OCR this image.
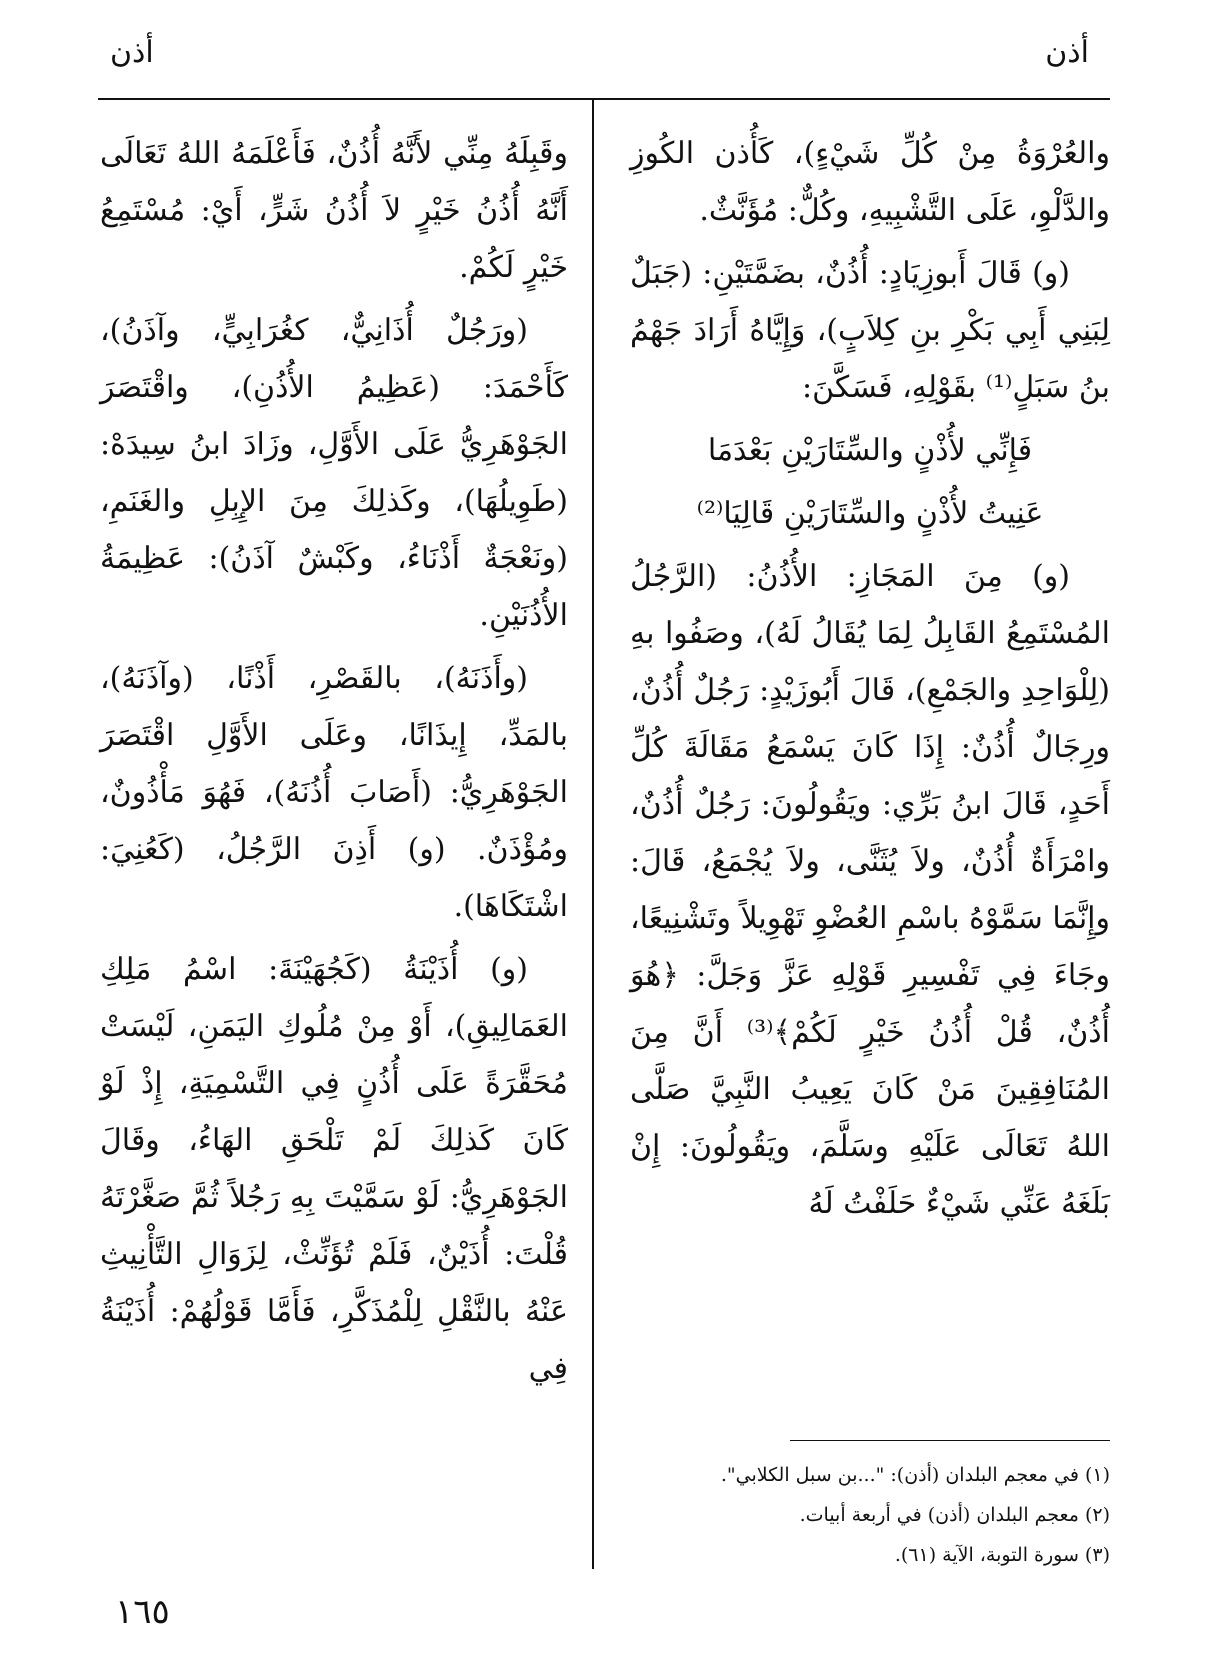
أذن	أذن

والعُرْوَةُ مِنْ كُلِّ شَيْءٍ)، كَأُذن الكُوزِ والدَّلْوِ، عَلَى التَّشْبِيهِ، وكُلٌّ: مُؤَنَّثٌ.

(و) قَالَ أَبوزِيَادٍ: أُذُنٌ، بضَمَّتَيْنِ: (جَبَلٌ لِبَنِي أَبِي بَكْرِ بنِ كِلاَبٍ)، وَإِيَّاهُ أَرَادَ جَهْمُ بنُ سَبَلٍ⁽¹⁾ بقَوْلِهِ، فَسَكَّنَ:

فَإِنِّي لأُذْنٍ والسِّتَارَيْنِ بَعْدَمَا

عَنِيتُ لأُذْنٍ والسِّتَارَيْنِ قَالِيَا⁽²⁾

(و) مِنَ المَجَازِ: الأُذُنُ: (الرَّجُلُ المُسْتَمِعُ القَابِلُ لِمَا يُقَالُ لَهُ)، وصَفُوا بهِ (لِلْوَاحِدِ والجَمْعِ)، قَالَ أَبُوزَيْدٍ: رَجُلٌ أُذُنٌ، ورِجَالٌ أُذُنٌ: إِذَا كَانَ يَسْمَعُ مَقَالَةَ كُلِّ أَحَدٍ، قَالَ ابنُ بَرِّي: ويَقُولُونَ: رَجُلٌ أُذُنٌ، وامْرَأَةٌ أُذُنٌ، ولاَ يُثَنَّى، ولاَ يُجْمَعُ، قَالَ: وإِنَّمَا سَمَّوْهُ باسْمِ العُضْوِ تَهْوِيلاً وتَشْنِيعًا، وجَاءَ فِي تَفْسِيرِ قَوْلِهِ عَزَّ وَجَلَّ: ﴿هُوَ أُذُنٌ، قُلْ أُذُنُ خَيْرٍ لَكُمْ﴾⁽³⁾ أَنَّ مِنَ المُنَافِقِينَ مَنْ كَانَ يَعِيبُ النَّبِيَّ صَلَّى اللهُ تَعَالَى عَلَيْهِ وسَلَّمَ، ويَقُولُونَ: إِنْ بَلَغَهُ عَنِّي شَيْءٌ حَلَفْتُ لَهُ

وقَبِلَهُ مِنِّي لأَنَّهُ أُذُنٌ، فَأَعْلَمَهُ اللهُ تَعَالَى أَنَّهُ أُذُنُ خَيْرٍ لاَ أُذُنُ شَرٍّ، أَيْ: مُسْتَمِعُ خَيْرٍ لَكُمْ.

(ورَجُلٌ أُذَانِيٌّ، كغُرَابِيٍّ، وآذَنُ)، كَأَحْمَدَ: (عَظِيمُ الأُذُنِ)، واقْتَصَرَ الجَوْهَرِيُّ عَلَى الأَوَّلِ، وزَادَ ابنُ سِيدَهْ: (طَوِيلُهَا)، وكَذلِكَ مِنَ الإِبِلِ والغَنَمِ، (ونَعْجَةٌ أَذْنَاءُ، وكَبْشٌ آذَنُ): عَظِيمَةُ الأُذُنَيْنِ.

(وأَذَنَهُ)، بالقَصْرِ، أَذْنًا، (وآذَنَهُ)، بالمَدِّ، إِيذَانًا، وعَلَى الأَوَّلِ اقْتَصَرَ الجَوْهَرِيُّ: (أَصَابَ أُذُنَهُ)، فَهُوَ مَأْذُونٌ، ومُؤْذَنٌ. (و) أَذِنَ الرَّجُلُ، (كَعُنِيَ: اشْتَكَاهَا).

(و) أُذَيْنَةُ (كَجُهَيْنَةَ: اسْمُ مَلِكِ العَمَالِيقِ)، أَوْ مِنْ مُلُوكِ اليَمَنِ، لَيْسَتْ مُحَقَّرَةً عَلَى أُذُنٍ فِي التَّسْمِيَةِ، إِذْ لَوْ كَانَ كَذلِكَ لَمْ تَلْحَقِ الهَاءُ، وقَالَ الجَوْهَرِيُّ: لَوْ سَمَّيْتَ بِهِ رَجُلاً ثُمَّ صَغَّرْتَهُ قُلْتَ: أُذَيْنٌ، فَلَمْ تُؤَنِّثْ، لِزَوَالِ التَّأْنِيثِ عَنْهُ بالنَّقْلِ لِلْمُذَكَّرِ، فَأَمَّا قَوْلُهُمْ: أُذَيْنَةُ فِي

(١) في معجم البلدان (أذن): "...بن سبل الكلابي".
(٢) معجم البلدان (أذن) في أربعة أبيات.
(٣) سورة التوبة، الآية (٦١).
١٦٥
